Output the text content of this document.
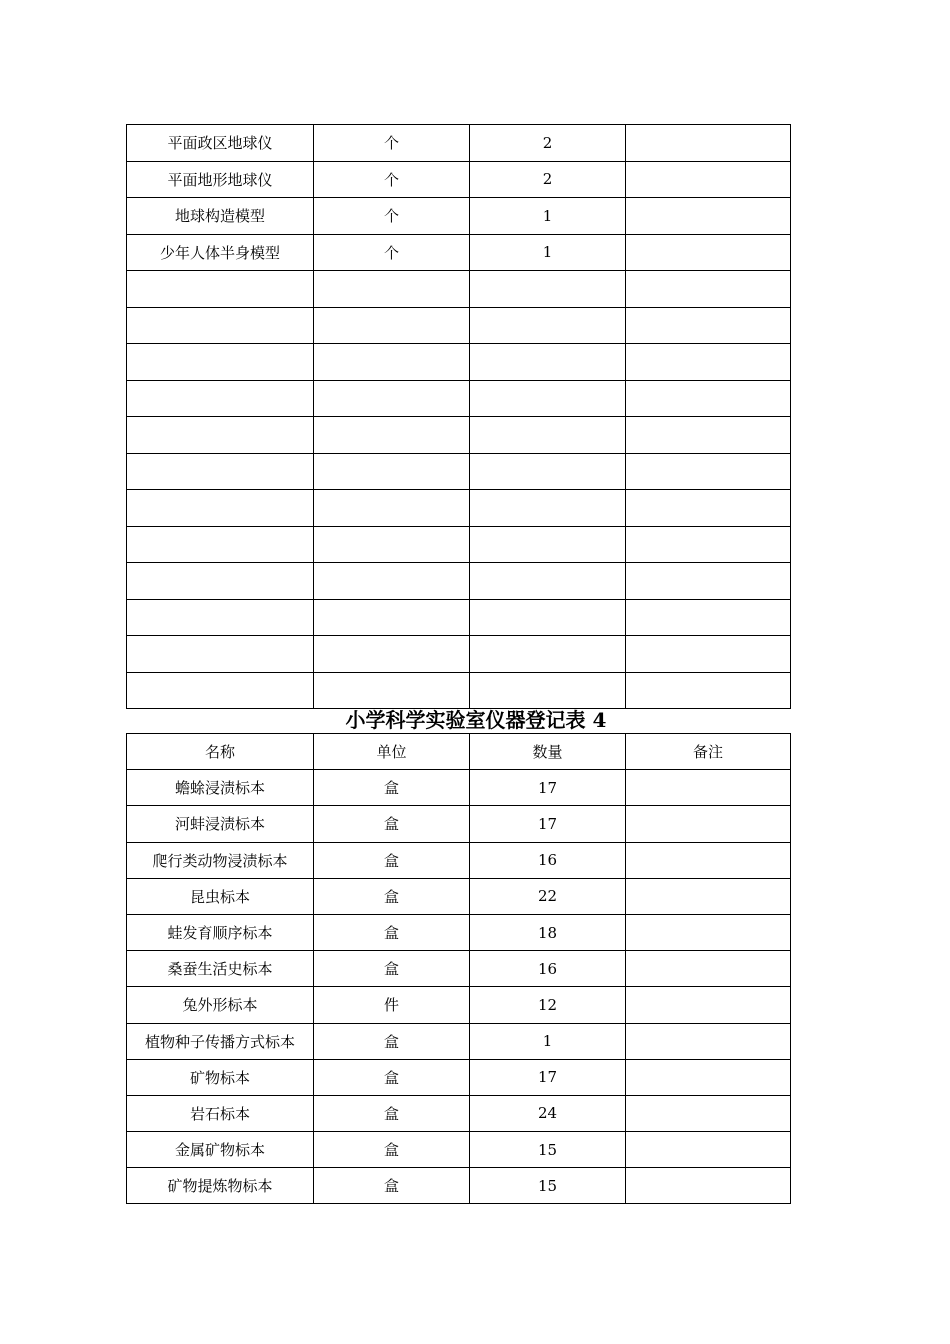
平面政区地球仪	个	2	
平面地形地球仪	个	2	
地球构造模型	个	1	
少年人体半身模型	个	1	

小学科学实验室仪器登记表 4
名称	单位	数量	备注
蟾蜍浸渍标本	盒	17	
河蚌浸渍标本	盒	17	
爬行类动物浸渍标本	盒	16	
昆虫标本	盒	22	
蛙发育顺序标本	盒	18	
桑蚕生活史标本	盒	16	
兔外形标本	件	12	
植物种子传播方式标本	盒	1	
矿物标本	盒	17	
岩石标本	盒	24	
金属矿物标本	盒	15	
矿物提炼物标本	盒	15	
